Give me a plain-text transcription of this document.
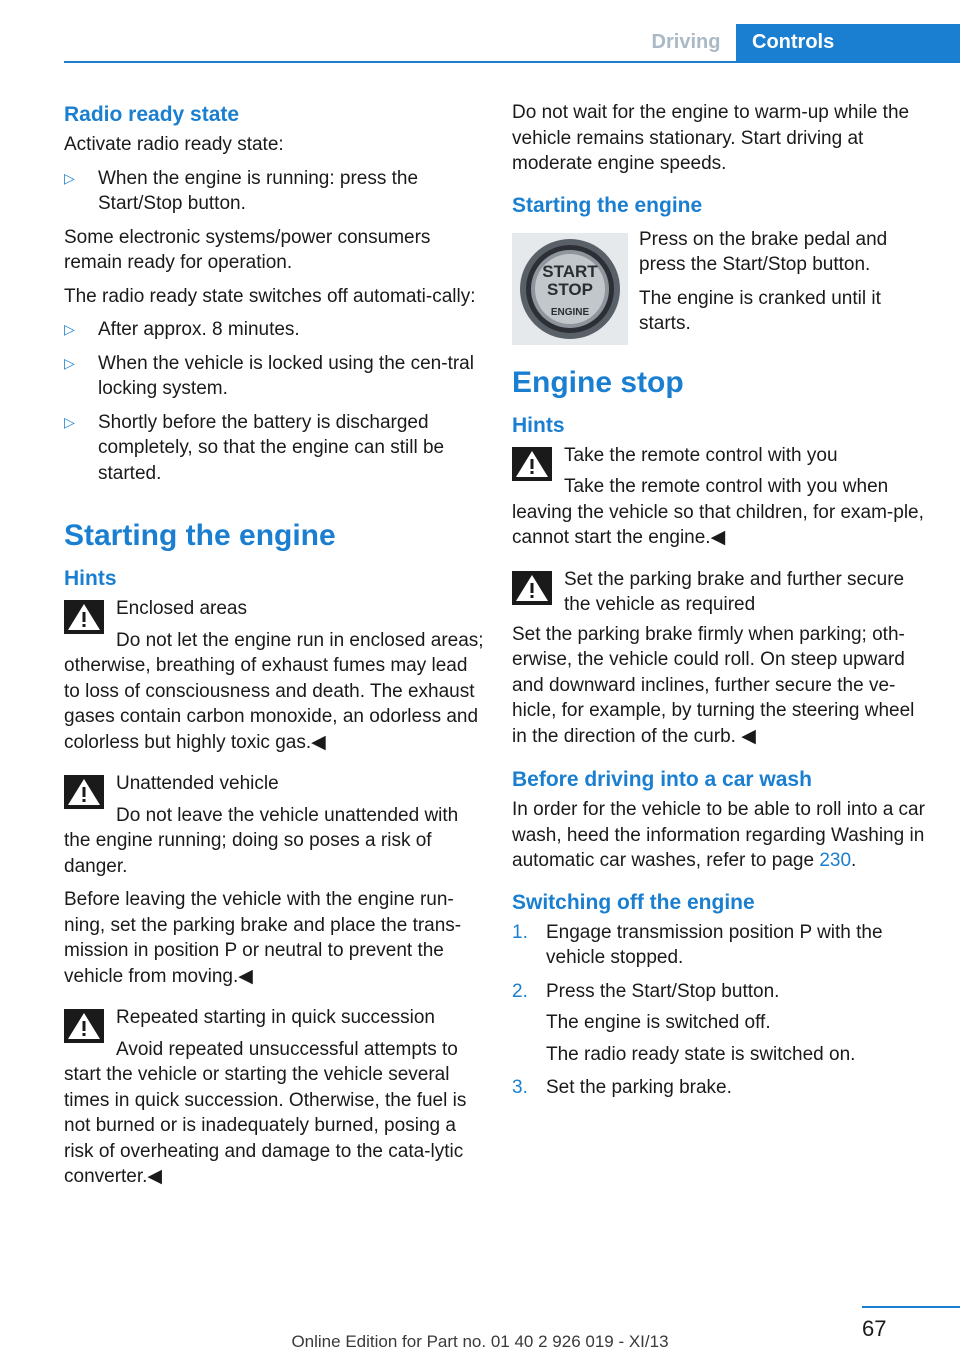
Driving	Controls
Radio ready state

Activate radio ready state:

▷ When the engine is running: press the Start/Stop button.

Some electronic systems/power consumers remain ready for operation.

The radio ready state switches off automati-cally:

▷ After approx. 8 minutes.
▷ When the vehicle is locked using the cen-tral locking system.
▷ Shortly before the battery is discharged completely, so that the engine can still be started.
Starting the engine
Hints
Enclosed areas
Do not let the engine run in enclosed areas; otherwise, breathing of exhaust fumes may lead to loss of consciousness and death. The exhaust gases contain carbon monoxide, an odorless and colorless but highly toxic gas.◀
Unattended vehicle
Do not leave the vehicle unattended with the engine running; doing so poses a risk of danger.

Before leaving the vehicle with the engine run-ning, set the parking brake and place the trans-mission in position P or neutral to prevent the vehicle from moving.◀

Repeated starting in quick succession
Avoid repeated unsuccessful attempts to start the vehicle or starting the vehicle several times in quick succession. Otherwise, the fuel is not burned or is inadequately burned, posing a risk of overheating and damage to the cata-lytic converter.◀

Do not wait for the engine to warm-up while the vehicle remains stationary. Start driving at moderate engine speeds.

Starting the engine
START
STOP
ENGINE

Press on the brake pedal and press the Start/Stop button.

The engine is cranked until it starts.

Engine stop
Hints
Take the remote control with you
Take the remote control with you when leaving the vehicle so that children, for exam-ple, cannot start the engine.◀
Set the parking brake and further secure the vehicle as required

Set the parking brake firmly when parking; oth-erwise, the vehicle could roll. On steep upward and downward inclines, further secure the ve-hicle, for example, by turning the steering wheel in the direction of the curb. ◀

Before driving into a car wash

In order for the vehicle to be able to roll into a car wash, heed the information regarding Washing in automatic car washes, refer to page 230.

Switching off the engine
1. Engage transmission position P with the vehicle stopped.
2. Press the Start/Stop button.
The engine is switched off.
The radio ready state is switched on.
3. Set the parking brake.
67
Online Edition for Part no. 01 40 2 926 019 - XI/13
